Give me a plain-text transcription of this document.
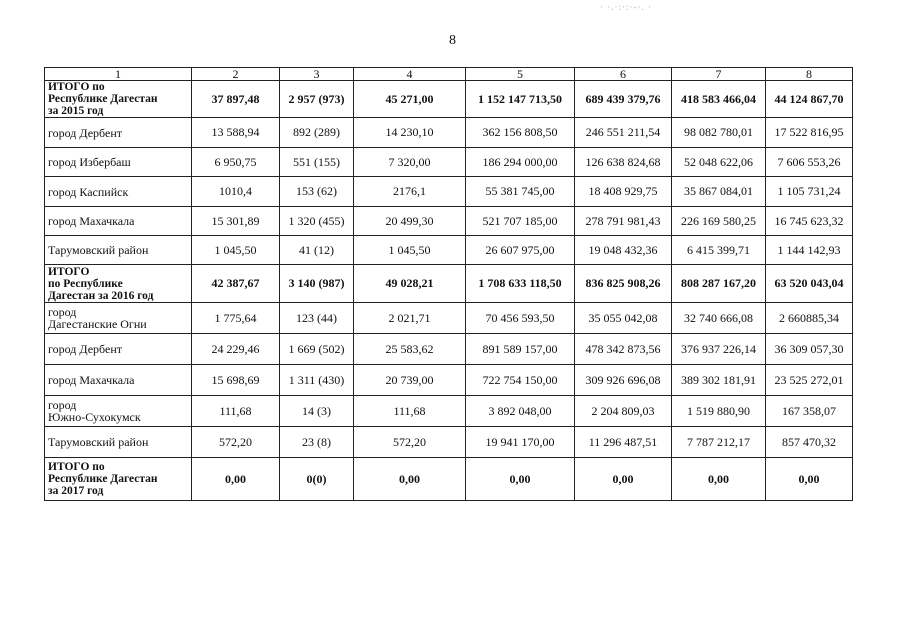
· ·.·:·:·-·. ·
8
1	2	3	4	5	6	7	8
ИТОГО по
Республике Дагестан
за 2015 год	37 897,48	2 957 (973)	45 271,00	1 152 147 713,50	689 439 379,76	418 583 466,04	44 124 867,70
город Дербент	13 588,94	892 (289)	14 230,10	362 156 808,50	246 551 211,54	98 082 780,01	17 522 816,95
город Избербаш	6 950,75	551 (155)	7 320,00	186 294 000,00	126 638 824,68	52 048 622,06	7 606 553,26
город Каспийск	1010,4	153 (62)	2176,1	55 381 745,00	18 408 929,75	35 867 084,01	1 105 731,24
город Махачкала	15 301,89	1 320 (455)	20 499,30	521 707 185,00	278 791 981,43	226 169 580,25	16 745 623,32
Тарумовский район	1 045,50	41 (12)	1 045,50	26 607 975,00	19 048 432,36	6 415 399,71	1 144 142,93
ИТОГО
по Республике
Дагестан за 2016 год	42 387,67	3 140 (987)	49 028,21	1 708 633 118,50	836 825 908,26	808 287 167,20	63 520 043,04
город
Дагестанские Огни	1 775,64	123 (44)	2 021,71	70 456 593,50	35 055 042,08	32 740 666,08	2 660885,34
город Дербент	24 229,46	1 669 (502)	25 583,62	891 589 157,00	478 342 873,56	376 937 226,14	36 309 057,30
город Махачкала	15 698,69	1 311 (430)	20 739,00	722 754 150,00	309 926 696,08	389 302 181,91	23 525 272,01
город
Южно-Сухокумск	111,68	14 (3)	111,68	3 892 048,00	2 204 809,03	1 519 880,90	167 358,07
Тарумовский район	572,20	23 (8)	572,20	19 941 170,00	11 296 487,51	7 787 212,17	857 470,32
ИТОГО по
Республике Дагестан
за 2017 год	0,00	0(0)	0,00	0,00	0,00	0,00	0,00
